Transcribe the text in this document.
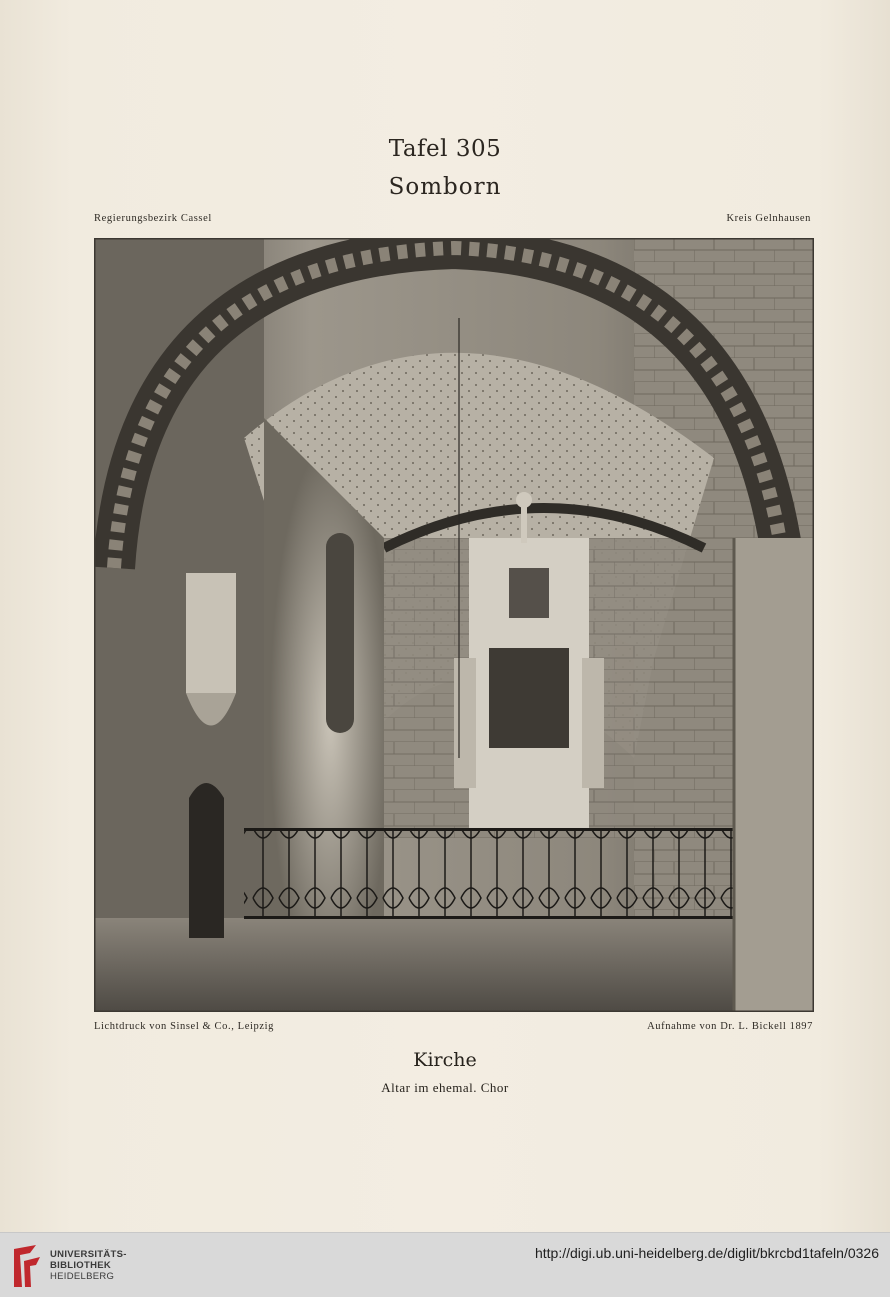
Tafel 305
Somborn
Regierungsbezirk Cassel	Kreis Gelnhausen
Lichtdruck von Sinsel & Co., Leipzig	Aufnahme von Dr. L. Bickell 1897
Kirche
Altar im ehemal. Chor
UNIVERSITÄTS-
BIBLIOTHEK
HEIDELBERG
http://digi.ub.uni-heidelberg.de/diglit/bkrcbd1tafeln/0326
